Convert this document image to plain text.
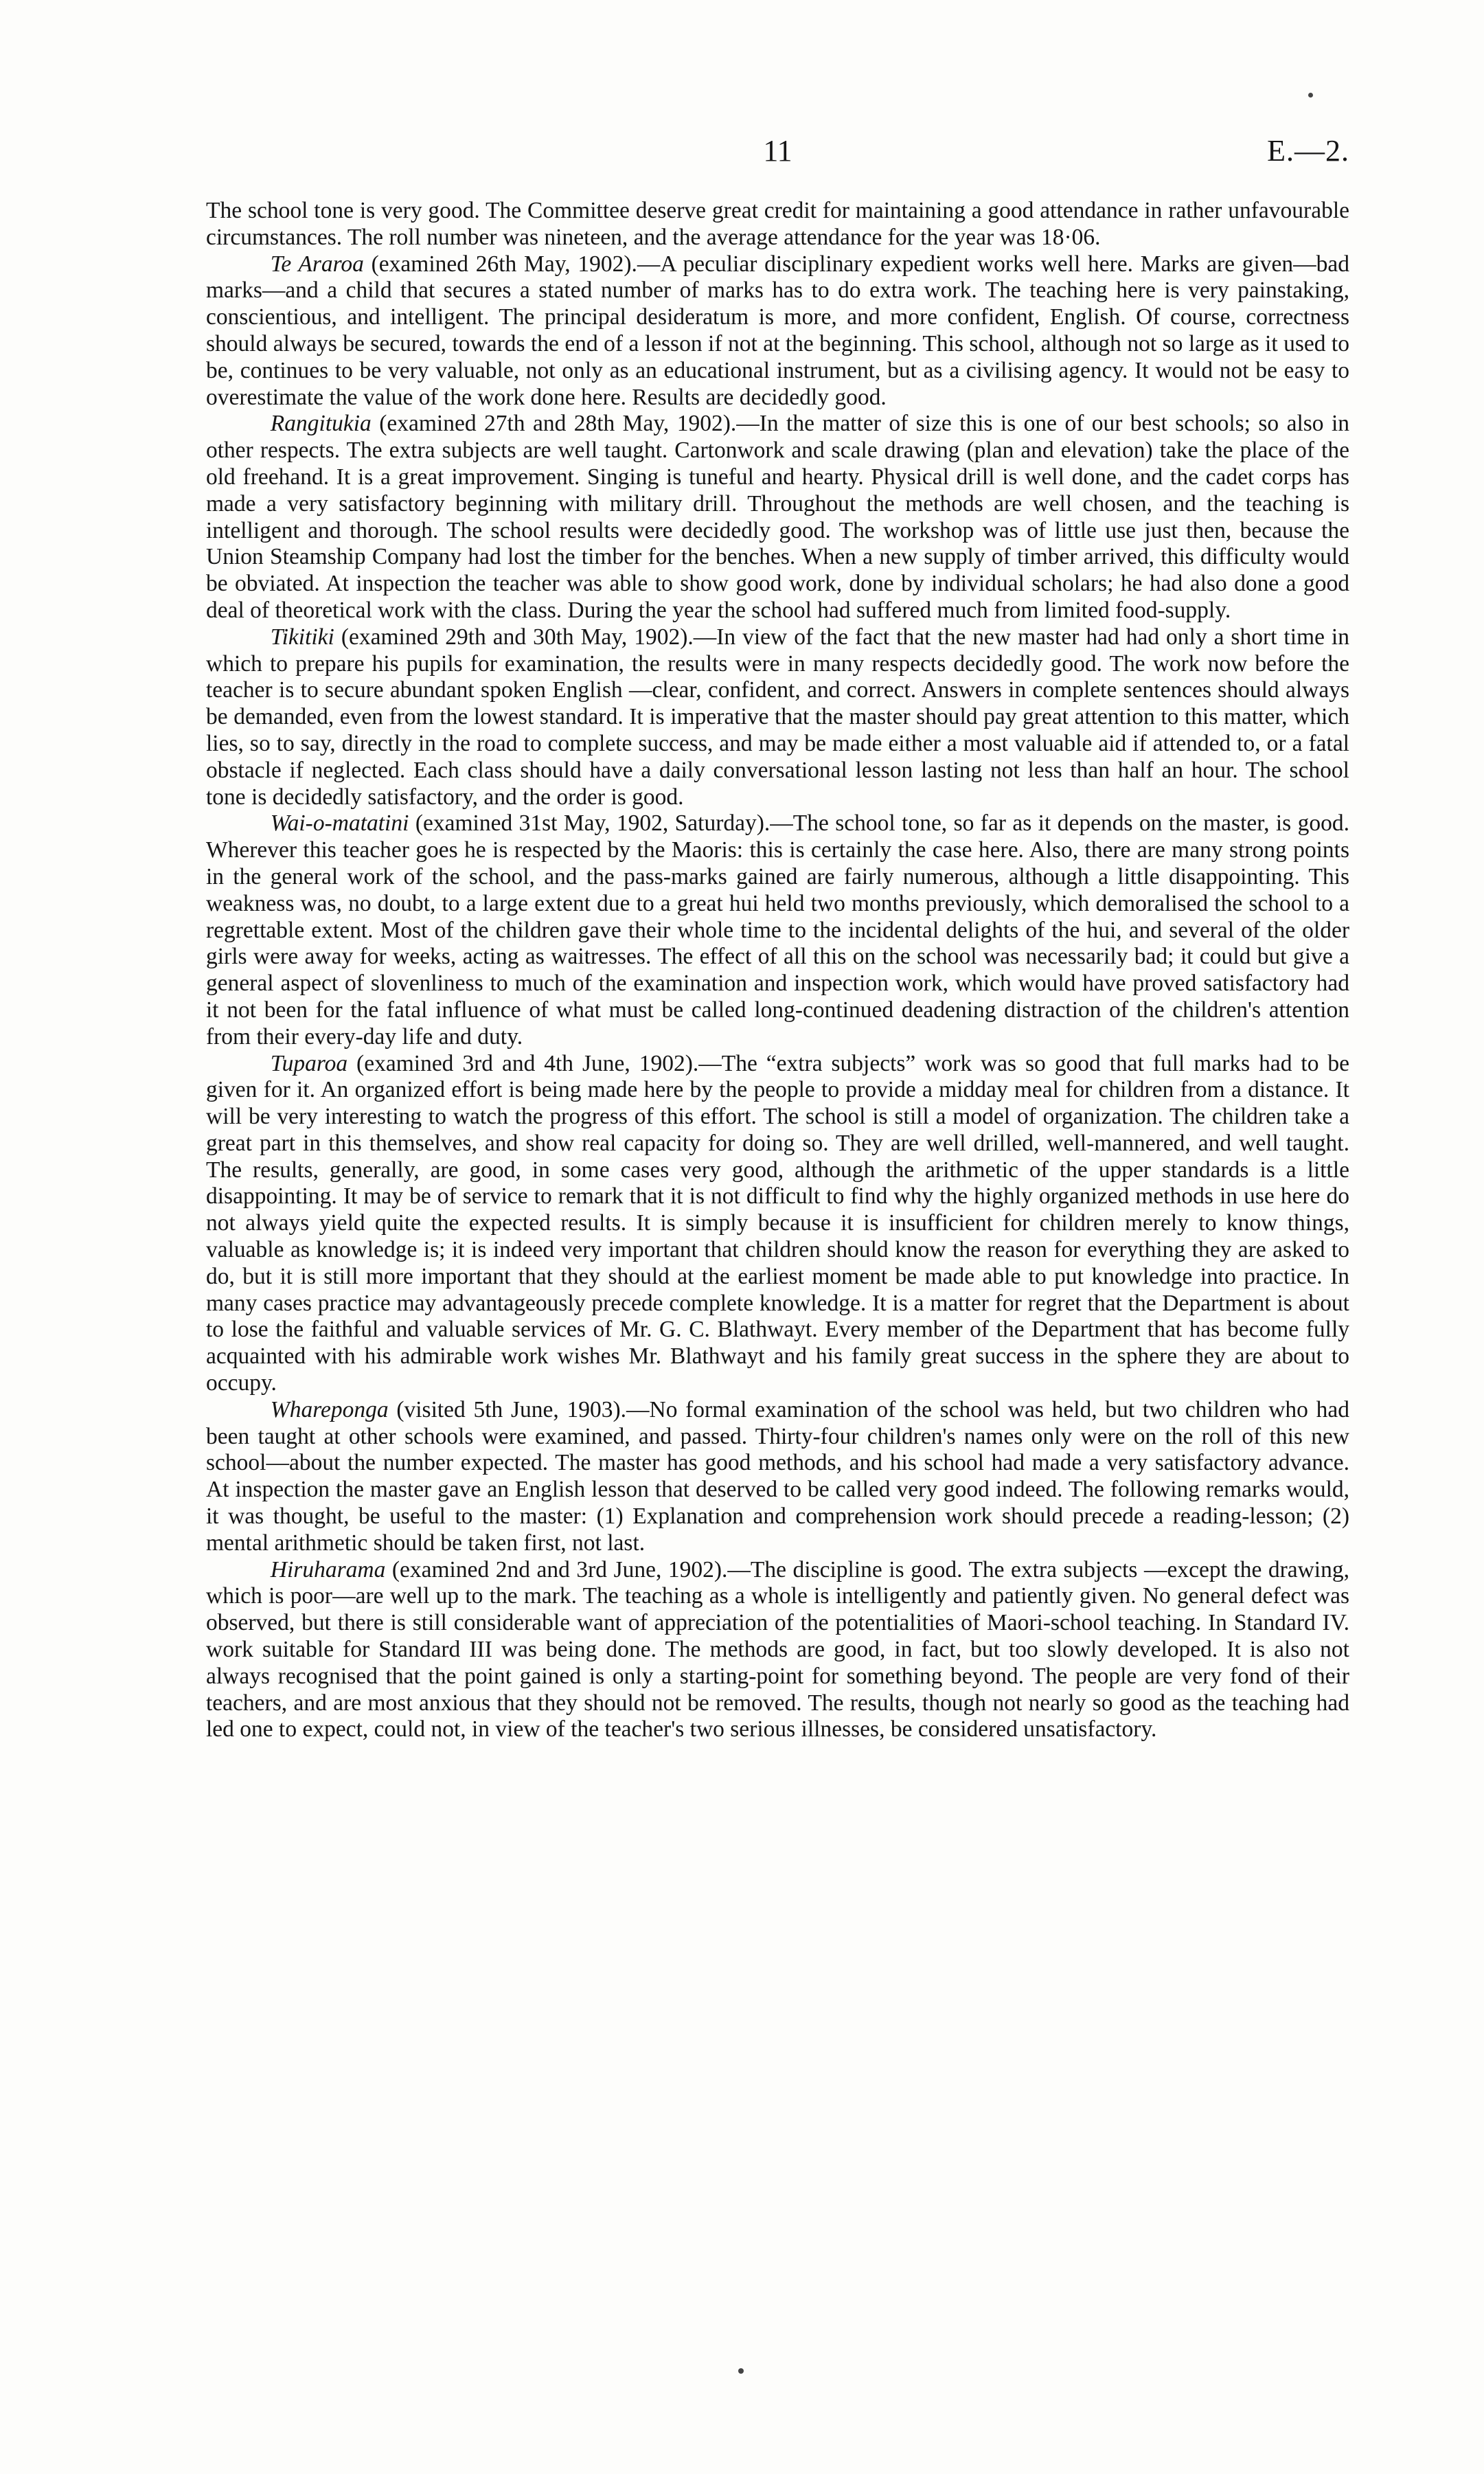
11	E.—2.

The school tone is very good. The Committee deserve great credit for maintaining a good attendance in rather unfavourable circumstances. The roll number was nineteen, and the average attendance for the year was 18·06.

Te Araroa (examined 26th May, 1902).—A peculiar disciplinary expedient works well here. Marks are given—bad marks—and a child that secures a stated number of marks has to do extra work. The teaching here is very painstaking, conscientious, and intelligent. The principal desideratum is more, and more confident, English. Of course, correctness should always be secured, towards the end of a lesson if not at the beginning. This school, although not so large as it used to be, continues to be very valuable, not only as an educational instrument, but as a civilising agency. It would not be easy to overestimate the value of the work done here. Results are decidedly good.

Rangitukia (examined 27th and 28th May, 1902).—In the matter of size this is one of our best schools; so also in other respects. The extra subjects are well taught. Cartonwork and scale drawing (plan and elevation) take the place of the old freehand. It is a great improvement. Singing is tuneful and hearty. Physical drill is well done, and the cadet corps has made a very satisfactory beginning with military drill. Throughout the methods are well chosen, and the teaching is intelligent and thorough. The school results were decidedly good. The workshop was of little use just then, because the Union Steamship Company had lost the timber for the benches. When a new supply of timber arrived, this difficulty would be obviated. At inspection the teacher was able to show good work, done by individual scholars; he had also done a good deal of theoretical work with the class. During the year the school had suffered much from limited food-supply.

Tikitiki (examined 29th and 30th May, 1902).—In view of the fact that the new master had had only a short time in which to prepare his pupils for examination, the results were in many respects decidedly good. The work now before the teacher is to secure abundant spoken English —clear, confident, and correct. Answers in complete sentences should always be demanded, even from the lowest standard. It is imperative that the master should pay great attention to this matter, which lies, so to say, directly in the road to complete success, and may be made either a most valuable aid if attended to, or a fatal obstacle if neglected. Each class should have a daily conversational lesson lasting not less than half an hour. The school tone is decidedly satisfactory, and the order is good.

Wai-o-matatini (examined 31st May, 1902, Saturday).—The school tone, so far as it depends on the master, is good. Wherever this teacher goes he is respected by the Maoris: this is certainly the case here. Also, there are many strong points in the general work of the school, and the pass-marks gained are fairly numerous, although a little disappointing. This weakness was, no doubt, to a large extent due to a great hui held two months previously, which demoralised the school to a regrettable extent. Most of the children gave their whole time to the incidental delights of the hui, and several of the older girls were away for weeks, acting as waitresses. The effect of all this on the school was necessarily bad; it could but give a general aspect of slovenliness to much of the examination and inspection work, which would have proved satisfactory had it not been for the fatal influence of what must be called long-continued deadening distraction of the children's attention from their every-day life and duty.

Tuparoa (examined 3rd and 4th June, 1902).—The “extra subjects” work was so good that full marks had to be given for it. An organized effort is being made here by the people to provide a midday meal for children from a distance. It will be very interesting to watch the progress of this effort. The school is still a model of organization. The children take a great part in this themselves, and show real capacity for doing so. They are well drilled, well-mannered, and well taught. The results, generally, are good, in some cases very good, although the arithmetic of the upper standards is a little disappointing. It may be of service to remark that it is not difficult to find why the highly organized methods in use here do not always yield quite the expected results. It is simply because it is insufficient for children merely to know things, valuable as knowledge is; it is indeed very important that children should know the reason for everything they are asked to do, but it is still more important that they should at the earliest moment be made able to put knowledge into practice. In many cases practice may advantageously precede complete knowledge. It is a matter for regret that the Department is about to lose the faithful and valuable services of Mr. G. C. Blathwayt. Every member of the Department that has become fully acquainted with his admirable work wishes Mr. Blathwayt and his family great success in the sphere they are about to occupy.

Whareponga (visited 5th June, 1903).—No formal examination of the school was held, but two children who had been taught at other schools were examined, and passed. Thirty-four children's names only were on the roll of this new school—about the number expected. The master has good methods, and his school had made a very satisfactory advance. At inspection the master gave an English lesson that deserved to be called very good indeed. The following remarks would, it was thought, be useful to the master: (1) Explanation and comprehension work should precede a reading-lesson; (2) mental arithmetic should be taken first, not last.

Hiruharama (examined 2nd and 3rd June, 1902).—The discipline is good. The extra subjects —except the drawing, which is poor—are well up to the mark. The teaching as a whole is intelligently and patiently given. No general defect was observed, but there is still considerable want of appreciation of the potentialities of Maori-school teaching. In Standard IV. work suitable for Standard III was being done. The methods are good, in fact, but too slowly developed. It is also not always recognised that the point gained is only a starting-point for something beyond. The people are very fond of their teachers, and are most anxious that they should not be removed. The results, though not nearly so good as the teaching had led one to expect, could not, in view of the teacher's two serious illnesses, be considered unsatisfactory.
